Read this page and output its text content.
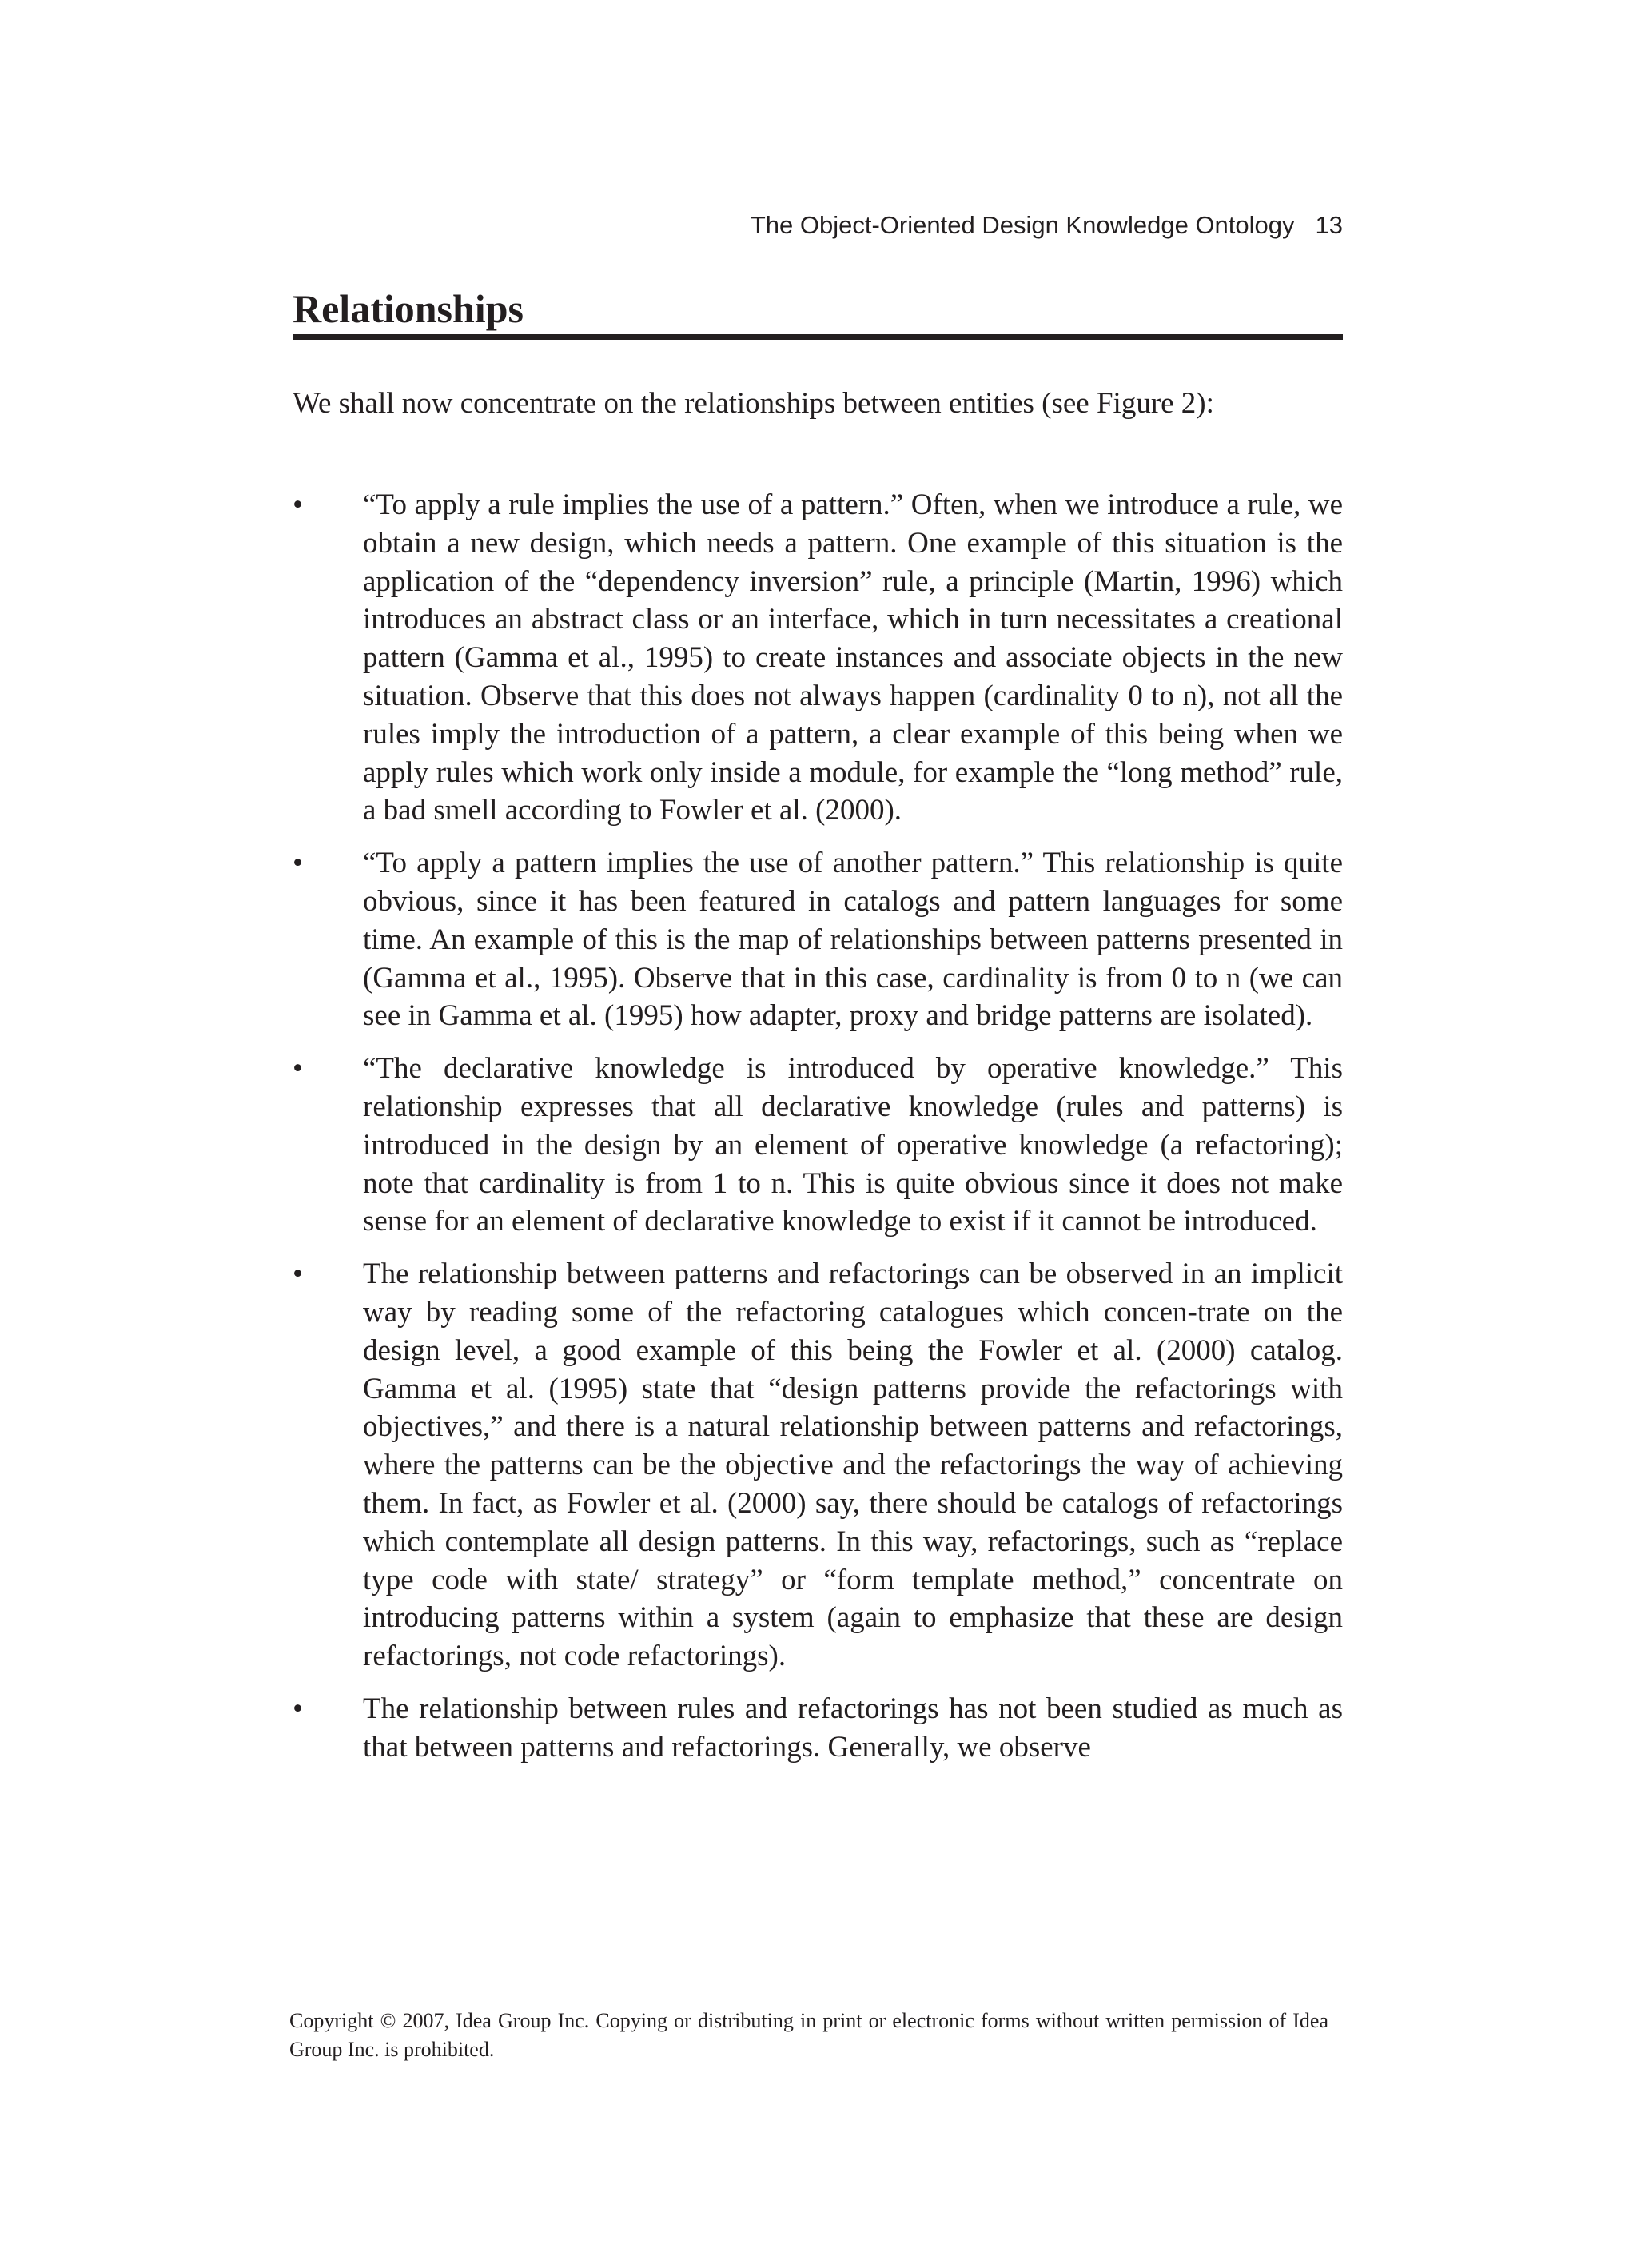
The Object-Oriented Design Knowledge Ontology 13
Relationships

We shall now concentrate on the relationships between entities (see Figure 2):

• “To apply a rule implies the use of a pattern.” Often, when we introduce a rule, we obtain a new design, which needs a pattern. One example of this situation is the application of the “dependency inversion” rule, a principle (Martin, 1996) which introduces an abstract class or an interface, which in turn necessitates a creational pattern (Gamma et al., 1995) to create instances and associate objects in the new situation. Observe that this does not always happen (cardinality 0 to n), not all the rules imply the introduction of a pattern, a clear example of this being when we apply rules which work only inside a module, for example the “long method” rule, a bad smell according to Fowler et al. (2000).
• “To apply a pattern implies the use of another pattern.” This relationship is quite obvious, since it has been featured in catalogs and pattern languages for some time. An example of this is the map of relationships between patterns presented in (Gamma et al., 1995). Observe that in this case, cardinality is from 0 to n (we can see in Gamma et al. (1995) how adapter, proxy and bridge patterns are isolated).
• “The declarative knowledge is introduced by operative knowledge.” This relationship expresses that all declarative knowledge (rules and patterns) is introduced in the design by an element of operative knowledge (a refactoring); note that cardinality is from 1 to n. This is quite obvious since it does not make sense for an element of declarative knowledge to exist if it cannot be introduced.
• The relationship between patterns and refactorings can be observed in an implicit way by reading some of the refactoring catalogues which concen-trate on the design level, a good example of this being the Fowler et al. (2000) catalog. Gamma et al. (1995) state that “design patterns provide the refactorings with objectives,” and there is a natural relationship between patterns and refactorings, where the patterns can be the objective and the refactorings the way of achieving them. In fact, as Fowler et al. (2000) say, there should be catalogs of refactorings which contemplate all design patterns. In this way, refactorings, such as “replace type code with state/ strategy” or “form template method,” concentrate on introducing patterns within a system (again to emphasize that these are design refactorings, not code refactorings).
• The relationship between rules and refactorings has not been studied as much as that between patterns and refactorings. Generally, we observe

Copyright © 2007, Idea Group Inc. Copying or distributing in print or electronic forms without written permission of Idea Group Inc. is prohibited.
